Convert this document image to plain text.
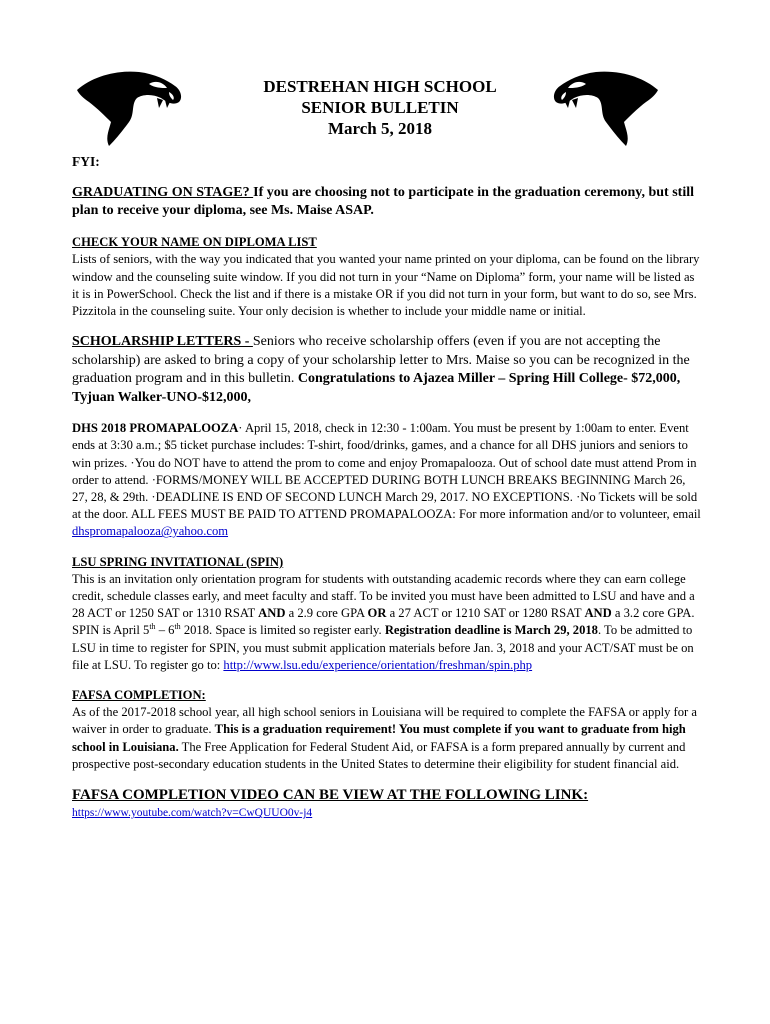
DESTREHAN HIGH SCHOOL
SENIOR BULLETIN
March 5, 2018

FYI:

GRADUATING ON STAGE? If you are choosing not to participate in the graduation ceremony, but still plan to receive your diploma, see Ms. Maise ASAP.

CHECK YOUR NAME ON DIPLOMA LIST

Lists of seniors, with the way you indicated that you wanted your name printed on your diploma, can be found on the library window and the counseling suite window. If you did not turn in your “Name on Diploma” form, your name will be listed as it is in PowerSchool. Check the list and if there is a mistake OR if you did not turn in your form, but want to do so, see Mrs. Pizzitola in the counseling suite. Your only decision is whether to include your middle name or initial.

SCHOLARSHIP LETTERS - Seniors who receive scholarship offers (even if you are not accepting the scholarship) are asked to bring a copy of your scholarship letter to Mrs. Maise so you can be recognized in the graduation program and in this bulletin. Congratulations to Ajazea Miller – Spring Hill College- $72,000, Tyjuan Walker-UNO-$12,000,

DHS 2018 PROMAPALOOZA· April 15, 2018, check in 12:30 - 1:00am. You must be present by 1:00am to enter. Event ends at 3:30 a.m.; $5 ticket purchase includes: T-shirt, food/drinks, games, and a chance for all DHS juniors and seniors to win prizes. ·You do NOT have to attend the prom to come and enjoy Promapalooza. Out of school date must attend Prom in order to attend. ·FORMS/MONEY WILL BE ACCEPTED DURING BOTH LUNCH BREAKS BEGINNING March 26, 27, 28, & 29th. ·DEADLINE IS END OF SECOND LUNCH March 29, 2017. NO EXCEPTIONS. ·No Tickets will be sold at the door. ALL FEES MUST BE PAID TO ATTEND PROMAPALOOZA: For more information and/or to volunteer, email dhspromapalooza@yahoo.com

LSU SPRING INVITATIONAL (SPIN)

This is an invitation only orientation program for students with outstanding academic records where they can earn college credit, schedule classes early, and meet faculty and staff. To be invited you must have been admitted to LSU and have and a 28 ACT or 1250 SAT or 1310 RSAT AND a 2.9 core GPA OR a 27 ACT or 1210 SAT or 1280 RSAT AND a 3.2 core GPA. SPIN is April 5th – 6th 2018. Space is limited so register early. Registration deadline is March 29, 2018. To be admitted to LSU in time to register for SPIN, you must submit application materials before Jan. 3, 2018 and your ACT/SAT must be on file at LSU. To register go to: http://www.lsu.edu/experience/orientation/freshman/spin.php

FAFSA COMPLETION:

As of the 2017-2018 school year, all high school seniors in Louisiana will be required to complete the FAFSA or apply for a waiver in order to graduate. This is a graduation requirement! You must complete if you want to graduate from high school in Louisiana. The Free Application for Federal Student Aid, or FAFSA is a form prepared annually by current and prospective post-secondary education students in the United States to determine their eligibility for student financial aid.

FAFSA COMPLETION VIDEO CAN BE VIEW AT THE FOLLOWING LINK:

https://www.youtube.com/watch?v=CwQUUO0v-j4
